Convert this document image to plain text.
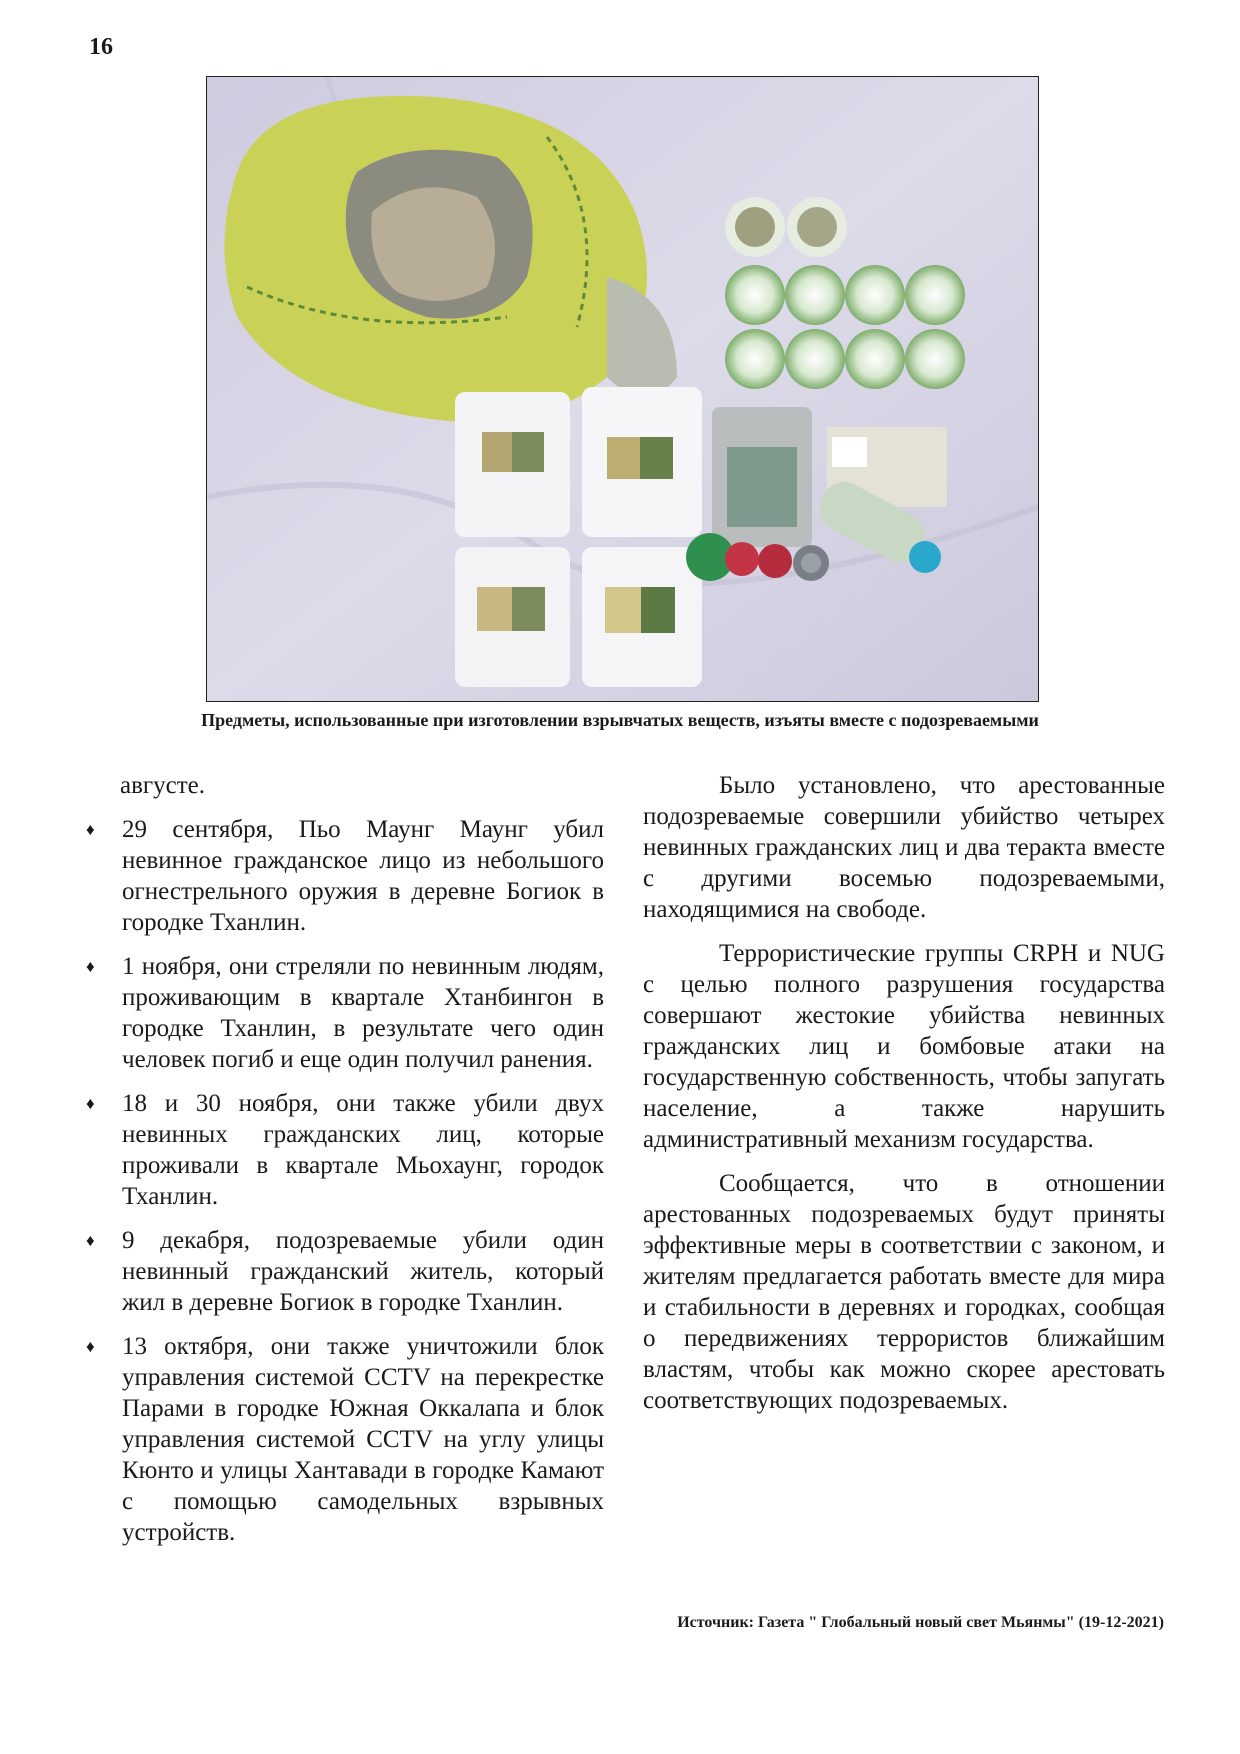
16
Предметы, использованные при изготовлении взрывчатых веществ, изъяты вместе с подозреваемыми

августе.

♦	29 сентября, Пьо Маунг Маунг убил невинное гражданское лицо из небольшого огнестрельного оружия в деревне Богиок в городке Тханлин.
♦	1 ноября, они стреляли по невинным людям, проживающим в квартале Хтанбингон в городке Тханлин, в результате чего один человек погиб и еще один получил ранения.
♦	18 и 30 ноября, они также убили двух невинных гражданских лиц, которые проживали в квартале Мьохаунг, городок Тханлин.
♦	9 декабря, подозреваемые убили один невинный гражданский житель, который жил в деревне Богиок в городке Тханлин.
♦	13 октября, они также уничтожили блок управления системой CCTV на перекрестке Парами в городке Южная Оккалапа и блок управления системой CCTV на углу улицы Кюнто и улицы Хантавади в городке Камают с помощью самодельных взрывных устройств.

Было установлено, что арестованные подозреваемые совершили убийство четырех невинных гражданских лиц и два теракта вместе с другими восемью подозреваемыми, находящимися на свободе.

Террористические группы CRPH и NUG с целью полного разрушения государства совершают жестокие убийства невинных гражданских лиц и бомбовые атаки на государственную собственность, чтобы запугать население, а также нарушить административный механизм государства.

Сообщается, что в отношении арестованных подозреваемых будут приняты эффективные меры в соответствии с законом, и жителям предлагается работать вместе для мира и стабильности в деревнях и городках, сообщая о передвижениях террористов ближайшим властям, чтобы как можно скорее арестовать соответствующих подозреваемых.

Источник: Газета " Глобальный новый свет Мьянмы" (19-12-2021)
